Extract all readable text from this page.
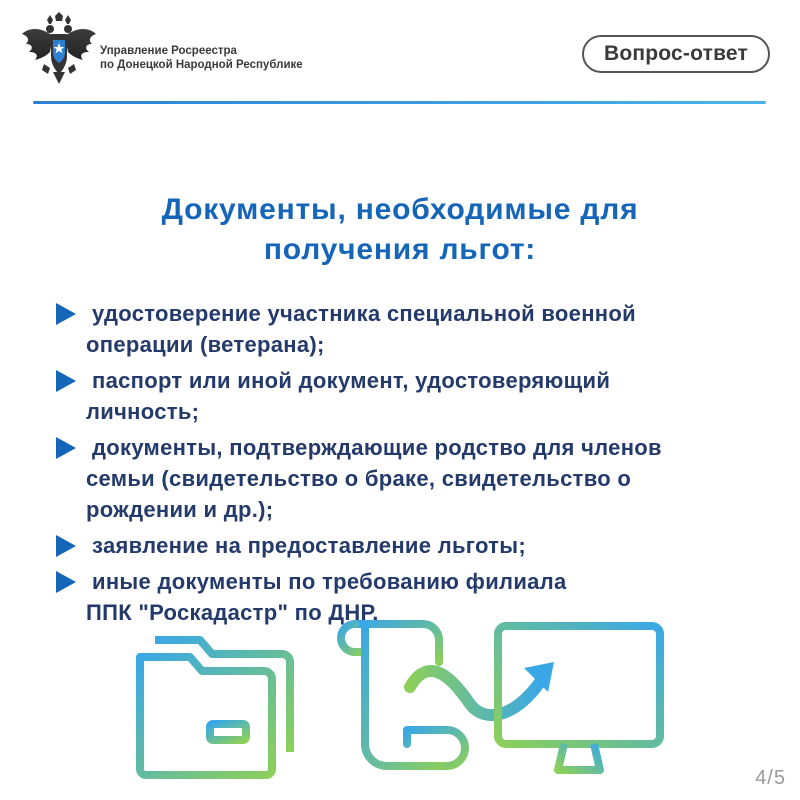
Управление Росреестра
по Донецкой Народной Республике	Вопрос-ответ
Документы, необходимые для
получения льгот:
удостоверение участника специальной военной
операции (ветерана);
паспорт или иной документ, удостоверяющий
личность;
документы, подтверждающие родство для членов
семьи (свидетельство о браке, свидетельство о
рождении и др.);
заявление на предоставление льготы;
иные документы по требованию филиала
ППК "Роскадастр" по ДНР.
4/5
